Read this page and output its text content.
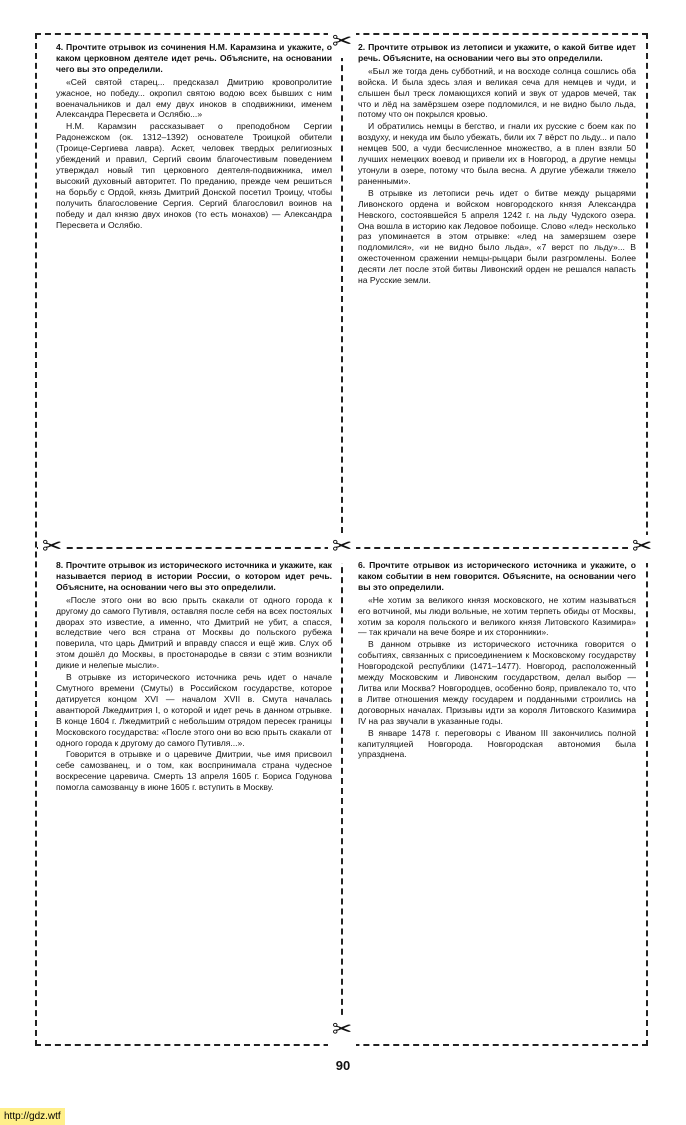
✂
✂	✂	✂
✂

4. Прочтите отрывок из сочинения Н.М. Карамзина и укажите, о каком церковном деятеле идет речь. Объясните, на основании чего вы это определили.

«Сей святой старец... предсказал Дмитрию кровопролитие ужасное, но победу... окропил святою водою всех бывших с ним военачальников и дал ему двух иноков в сподвижники, именем Александра Пересвета и Ослябю...»

Н.М. Карамзин рассказывает о преподобном Сергии Радонежском (ок. 1312–1392) основателе Троицкой обители (Троице-Сергиева лавра). Аскет, человек твердых религиозных убеждений и правил, Сергий своим благочестивым поведением утверждал новый тип церковного деятеля-подвижника, имел высокий духовный авторитет. По преданию, прежде чем решиться на борьбу с Ордой, князь Дмитрий Донской посетил Троицу, чтобы получить благословение Сергия. Сергий благословил воинов на победу и дал князю двух иноков (то есть монахов) — Александра Пересвета и Ослябю.

2. Прочтите отрывок из летописи и укажите, о какой битве идет речь. Объясните, на основании чего вы это определили.

«Был же тогда день субботний, и на восходе солнца сошлись оба войска. И была здесь злая и великая сеча для немцев и чуди, и слышен был треск ломающихся копий и звук от ударов мечей, так что и лёд на замёрзшем озере подломился, и не видно было льда, потому что он покрылся кровью.

И обратились немцы в бегство, и гнали их русские с боем как по воздуху, и некуда им было убежать, били их 7 вёрст по льду... и пало немцев 500, а чуди бесчисленное множество, а в плен взяли 50 лучших немецких воевод и привели их в Новгород, а другие немцы утонули в озере, потому что была весна. А другие убежали тяжело раненными».

В отрывке из летописи речь идет о битве между рыцарями Ливонского ордена и войском новгородского князя Александра Невского, состоявшейся 5 апреля 1242 г. на льду Чудского озера. Она вошла в историю как Ледовое побоище. Слово «лед» несколько раз упоминается в этом отрывке: «лед на замерзшем озере подломился», «и не видно было льда», «7 верст по льду»... В ожесточенном сражении немцы-рыцари были разгромлены. Более десяти лет после этой битвы Ливонский орден не решался напасть на Русские земли.

8. Прочтите отрывок из исторического источника и укажите, как называется период в истории России, о котором идет речь. Объясните, на основании чего вы это определили.

«После этого они во всю прыть скакали от одного города к другому до самого Путивля, оставляя после себя на всех постоялых дворах это известие, а именно, что Дмитрий не убит, а спасся, вследствие чего вся страна от Москвы до польского рубежа поверила, что царь Дмитрий и вправду спасся и ещё жив. Слух об этом дошёл до Москвы, в простонародье в связи с этим возникли дикие и нелепые мысли».

В отрывке из исторического источника речь идет о начале Смутного времени (Смуты) в Российском государстве, которое датируется концом XVI — началом XVII в. Смута началась авантюрой Лжедмитрия I, о которой и идет речь в данном отрывке. В конце 1604 г. Лжедмитрий с небольшим отрядом пересек границы Московского государства: «После этого они во всю прыть скакали от одного города к другому до самого Путивля...».

Говорится в отрывке и о царевиче Дмитрии, чье имя присвоил себе самозванец, и о том, как воспринимала страна чудесное воскресение царевича. Смерть 13 апреля 1605 г. Бориса Годунова помогла самозванцу в июне 1605 г. вступить в Москву.

6. Прочтите отрывок из исторического источника и укажите, о каком событии в нем говорится. Объясните, на основании чего вы это определили.

«Не хотим за великого князя московского, не хотим называться его вотчиной, мы люди вольные, не хотим терпеть обиды от Москвы, хотим за короля польского и великого князя Литовского Казимира» — так кричали на вече бояре и их сторонники».

В данном отрывке из исторического источника говорится о событиях, связанных с присоединением к Московскому государству Новгородской республики (1471–1477). Новгород, расположенный между Московским и Ливонским государством, делал выбор — Литва или Москва? Новгородцев, особенно бояр, привлекало то, что в Литве отношения между государем и подданными строились на договорных началах. Призывы идти за короля Литовского Казимира IV на раз звучали в указанные годы.

В январе 1478 г. переговоры с Иваном III закончились полной капитуляцией Новгорода. Новгородская автономия была упразднена.

90
http://gdz.wtf
